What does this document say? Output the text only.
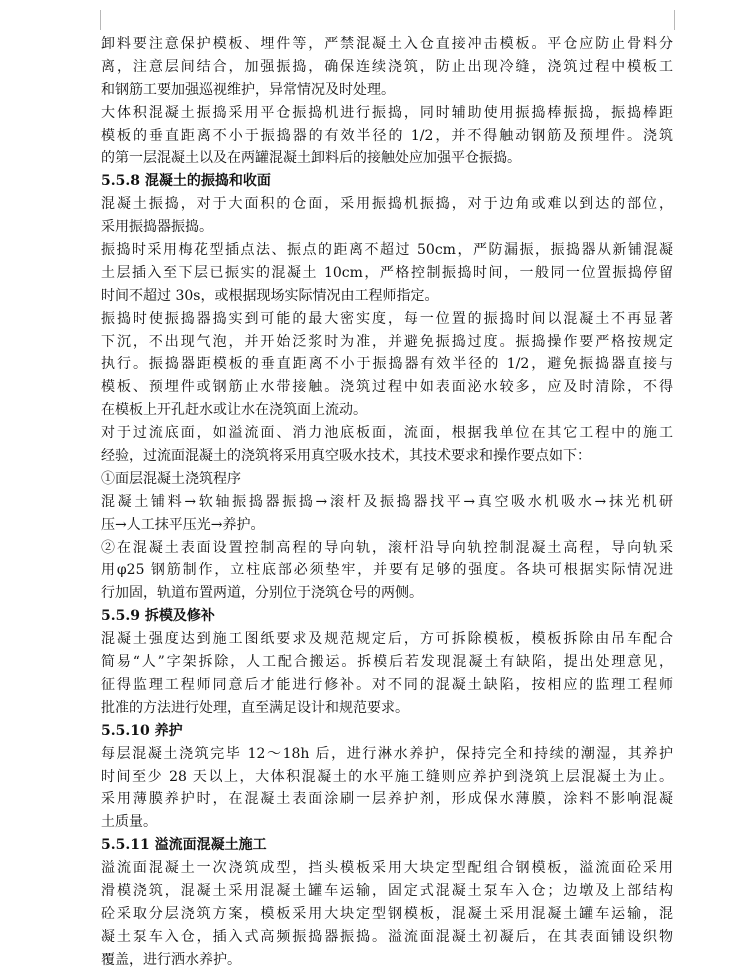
卸料要注意保护模板、埋件等，严禁混凝土入仓直接冲击模板。平仓应防止骨料分
离，注意层间结合，加强振捣，确保连续浇筑，防止出现冷缝，浇筑过程中模板工
和钢筋工要加强巡视维护，异常情况及时处理。
大体积混凝土振捣采用平仓振捣机进行振捣，同时辅助使用振捣棒振捣，振捣棒距
模板的垂直距离不小于振捣器的有效半径的 1/2，并不得触动钢筋及预埋件。浇筑
的第一层混凝土以及在两罐混凝土卸料后的接触处应加强平仓振捣。
5.5.8 混凝土的振捣和收面
混凝土振捣，对于大面积的仓面，采用振捣机振捣，对于边角或难以到达的部位，
采用振捣器振捣。
振捣时采用梅花型插点法、振点的距离不超过 50cm，严防漏振，振捣器从新铺混凝
土层插入至下层已振实的混凝土 10cm，严格控制振捣时间，一般同一位置振捣停留
时间不超过 30s，或根据现场实际情况由工程师指定。
振捣时使振捣器捣实到可能的最大密实度，每一位置的振捣时间以混凝土不再显著
下沉，不出现气泡，并开始泛浆时为准，并避免振捣过度。振捣操作要严格按规定
执行。振捣器距模板的垂直距离不小于振捣器有效半径的 1/2，避免振捣器直接与
模板、预埋件或钢筋止水带接触。浇筑过程中如表面泌水较多，应及时清除，不得
在模板上开孔赶水或让水在浇筑面上流动。
对于过流底面，如溢流面、消力池底板面，流面，根据我单位在其它工程中的施工
经验，过流面混凝土的浇筑将采用真空吸水技术，其技术要求和操作要点如下：
①面层混凝土浇筑程序
混凝土铺料→软轴振捣器振捣→滚杆及振捣器找平→真空吸水机吸水→抹光机研
压→人工抹平压光→养护。
②在混凝土表面设置控制高程的导向轨，滚杆沿导向轨控制混凝土高程，导向轨采
用φ25 钢筋制作，立柱底部必须垫牢，并要有足够的强度。各块可根据实际情况进
行加固，轨道布置两道，分别位于浇筑仓号的两侧。
5.5.9 拆模及修补
混凝土强度达到施工图纸要求及规范规定后，方可拆除模板，模板拆除由吊车配合
简易“人”字架拆除，人工配合搬运。拆模后若发现混凝土有缺陷，提出处理意见，
征得监理工程师同意后才能进行修补。对不同的混凝土缺陷，按相应的监理工程师
批准的方法进行处理，直至满足设计和规范要求。
5.5.10 养护
每层混凝土浇筑完毕 12～18h 后，进行淋水养护，保持完全和持续的潮湿，其养护
时间至少 28 天以上，大体积混凝土的水平施工缝则应养护到浇筑上层混凝土为止。
采用薄膜养护时，在混凝土表面涂刷一层养护剂，形成保水薄膜，涂料不影响混凝
土质量。
5.5.11 溢流面混凝土施工
溢流面混凝土一次浇筑成型，挡头模板采用大块定型配组合钢模板，溢流面砼采用
滑模浇筑，混凝土采用混凝土罐车运输，固定式混凝土泵车入仓；边墩及上部结构
砼采取分层浇筑方案，模板采用大块定型钢模板，混凝土采用混凝土罐车运输，混
凝土泵车入仓，插入式高频振捣器振捣。溢流面混凝土初凝后，在其表面铺设织物
覆盖，进行洒水养护。
